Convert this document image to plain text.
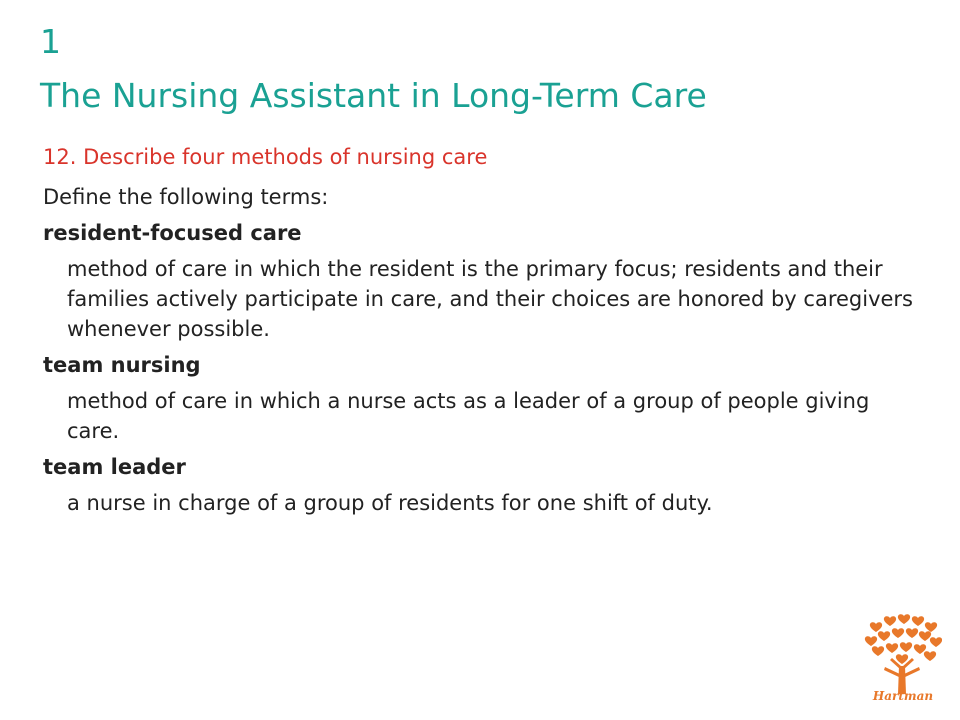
1
The Nursing Assistant in Long-Term Care
12. Describe four methods of nursing care

Define the following terms:

resident-focused care

method of care in which the resident is the primary focus; residents and their families actively participate in care, and their choices are honored by caregivers whenever possible.

team nursing

method of care in which a nurse acts as a leader of a group of people giving care.

team leader

a nurse in charge of a group of residents for one shift of duty.

Hartman
